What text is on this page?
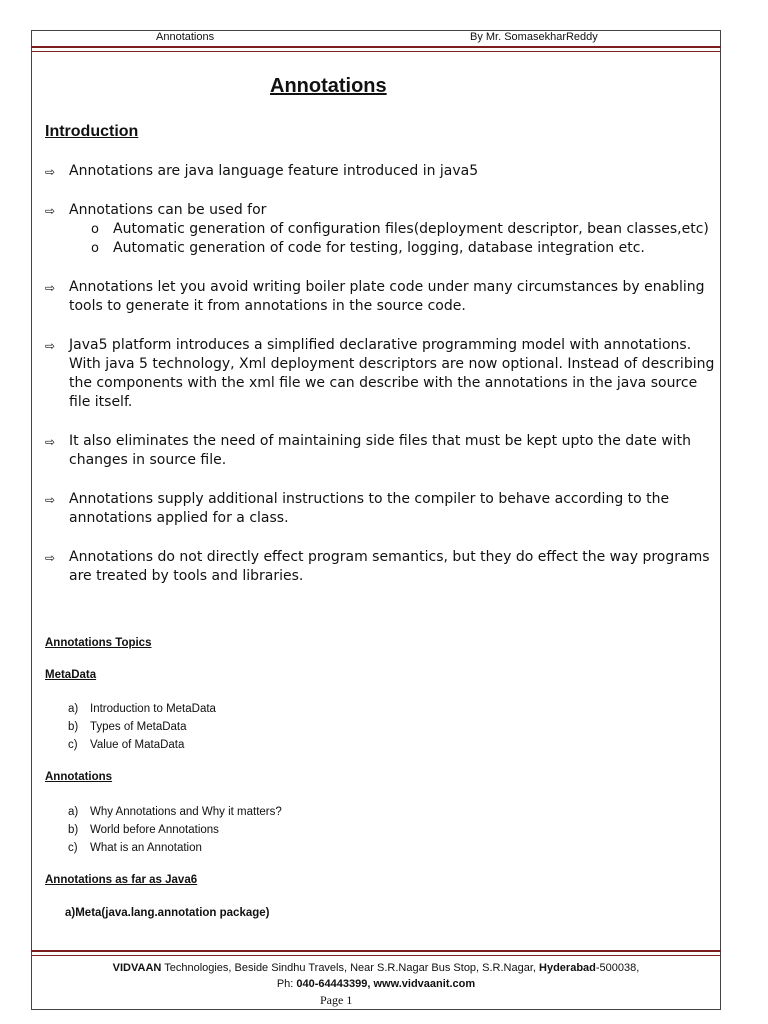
Annotations	By Mr. SomasekharReddy
Annotations
Introduction
⇨ Annotations are java language feature introduced in java5
⇨ Annotations can be used for
o Automatic generation of configuration files(deployment descriptor, bean classes,etc)
o Automatic generation of code for testing, logging, database integration etc.
⇨ Annotations let you avoid writing boiler plate code under many circumstances by enabling tools to generate it from annotations in the source code.
⇨ Java5 platform introduces a simplified declarative programming model with annotations. With java 5 technology, Xml deployment descriptors are now optional. Instead of describing the components with the xml file we can describe with the annotations in the java source file itself.
⇨ It also eliminates the need of maintaining side files that must be kept upto the date with changes in source file.
⇨ Annotations supply additional instructions to the compiler to behave according to the annotations applied for a class.
⇨ Annotations do not directly effect program semantics, but they do effect the way programs are treated by tools and libraries.
Annotations Topics
MetaData
a) Introduction to MetaData
b) Types of MetaData
c) Value of MataData
Annotations
a) Why Annotations and Why it matters?
b) World before Annotations
c) What is an Annotation
Annotations as far as Java6
a)Meta(java.lang.annotation package)
VIDVAAN Technologies, Beside Sindhu Travels, Near S.R.Nagar Bus Stop, S.R.Nagar, Hyderabad-500038,
Ph: 040-64443399, www.vidvaanit.com
Page 1
